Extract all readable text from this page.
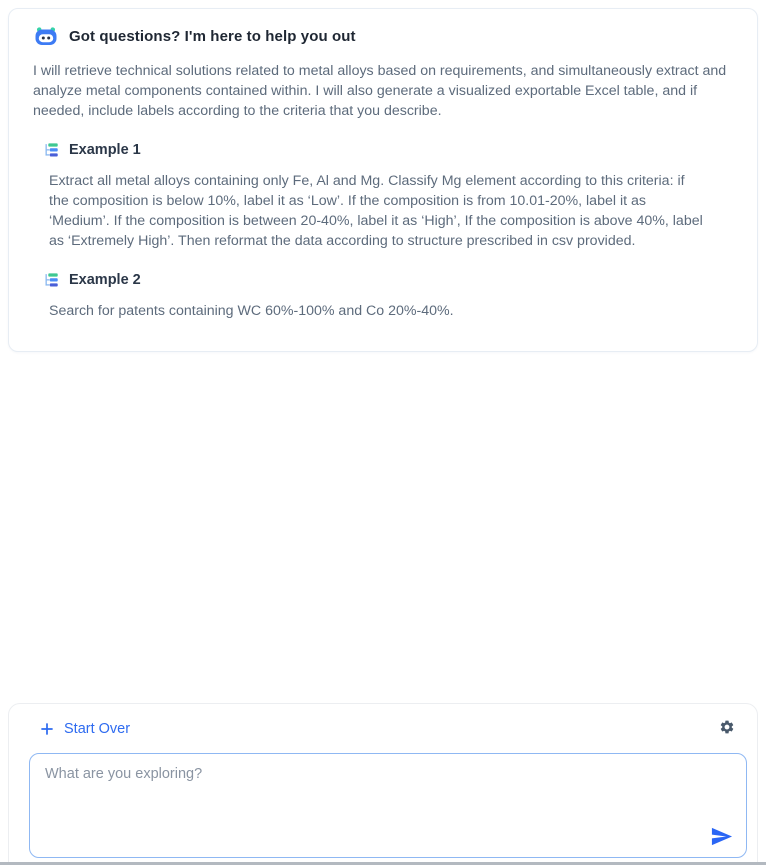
Got questions? I'm here to help you out

I will retrieve technical solutions related to metal alloys based on requirements, and simultaneously extract and analyze metal components contained within. I will also generate a visualized exportable Excel table, and if needed, include labels according to the criteria that you describe.

Example 1

Extract all metal alloys containing only Fe, Al and Mg. Classify Mg element according to this criteria: if the composition is below 10%, label it as ‘Low’. If the composition is from 10.01-20%, label it as ‘Medium’. If the composition is between 20-40%, label it as ‘High’, If the composition is above 40%, label as ‘Extremely High’. Then reformat the data according to structure prescribed in csv provided.

Example 2

Search for patents containing WC 60%-100% and Co 20%-40%.

Start Over
What are you exploring?
